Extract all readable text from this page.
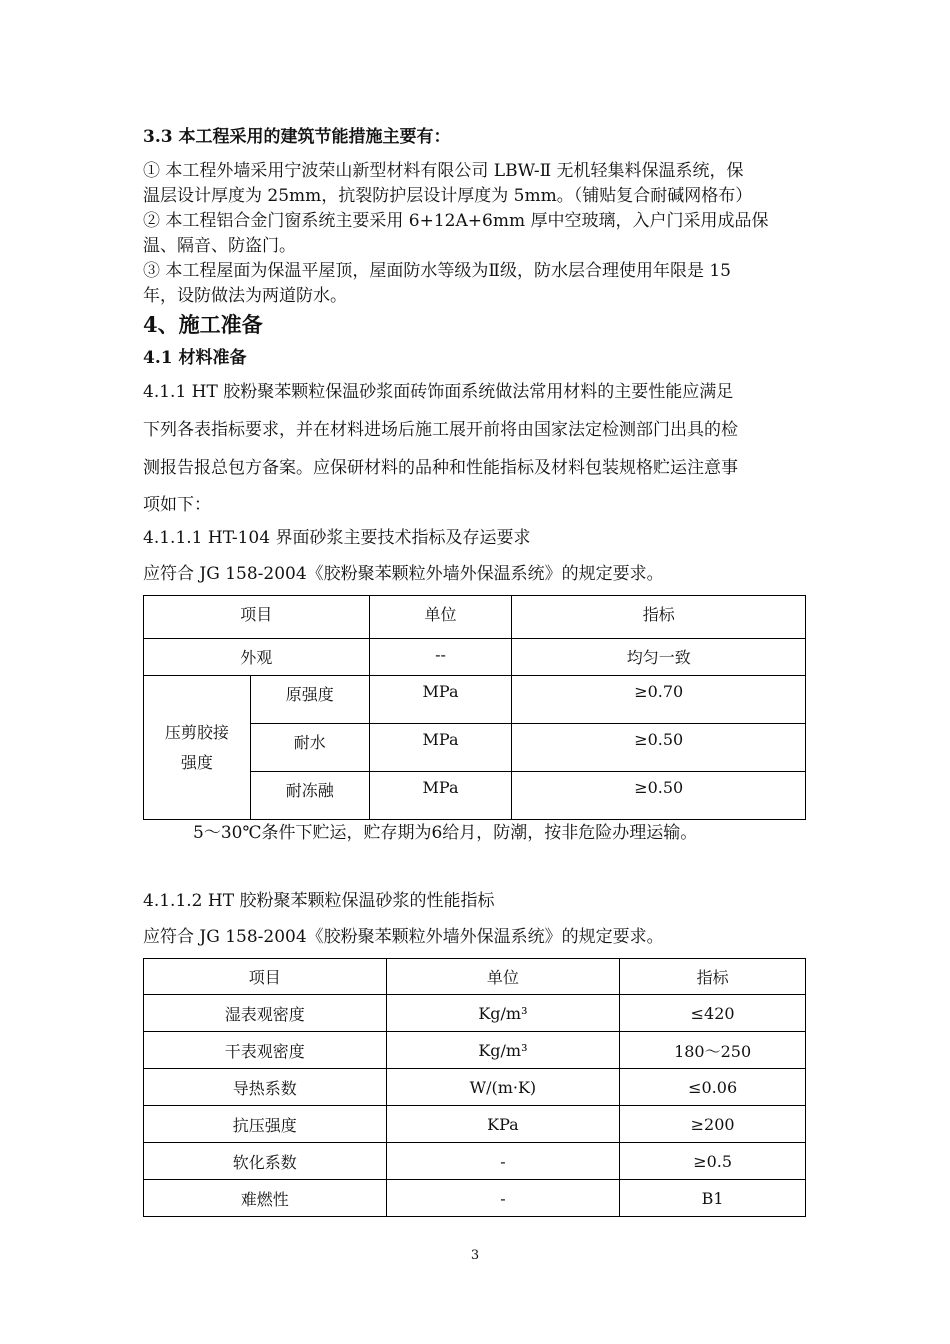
3.3 本工程采用的建筑节能措施主要有：
① 本工程外墙采用宁波荣山新型材料有限公司 LBW-Ⅱ 无机轻集料保温系统，保
温层设计厚度为 25mm，抗裂防护层设计厚度为 5mm。（铺贴复合耐碱网格布）
② 本工程铝合金门窗系统主要采用 6+12A+6mm 厚中空玻璃，入户门采用成品保
温、隔音、防盗门。
③ 本工程屋面为保温平屋顶，屋面防水等级为Ⅱ级，防水层合理使用年限是 15
年，设防做法为两道防水。
4、施工准备
4.1 材料准备
4.1.1 HT 胶粉聚苯颗粒保温砂浆面砖饰面系统做法常用材料的主要性能应满足
下列各表指标要求，并在材料进场后施工展开前将由国家法定检测部门出具的检
测报告报总包方备案。应保研材料的品种和性能指标及材料包装规格贮运注意事
项如下：
4.1.1.1 HT-104 界面砂浆主要技术指标及存运要求
应符合 JG 158-2004《胶粉聚苯颗粒外墙外保温系统》的规定要求。
项目		单位	指标
外观		--	均匀一致

压剪胶接
强度	原强度	MPa	≥0.70
	耐水	MPa	≥0.50
	耐冻融	MPa	≥0.50
5～30℃条件下贮运，贮存期为6给月，防潮，按非危险办理运输。
4.1.1.2 HT 胶粉聚苯颗粒保温砂浆的性能指标
应符合 JG 158-2004《胶粉聚苯颗粒外墙外保温系统》的规定要求。
项目	单位	指标
湿表观密度	Kg/m³	≤420
干表观密度	Kg/m³	180～250
导热系数	W/(m·K)	≤0.06
抗压强度	KPa	≥200
软化系数	-	≥0.5
难燃性	-	B1
3
